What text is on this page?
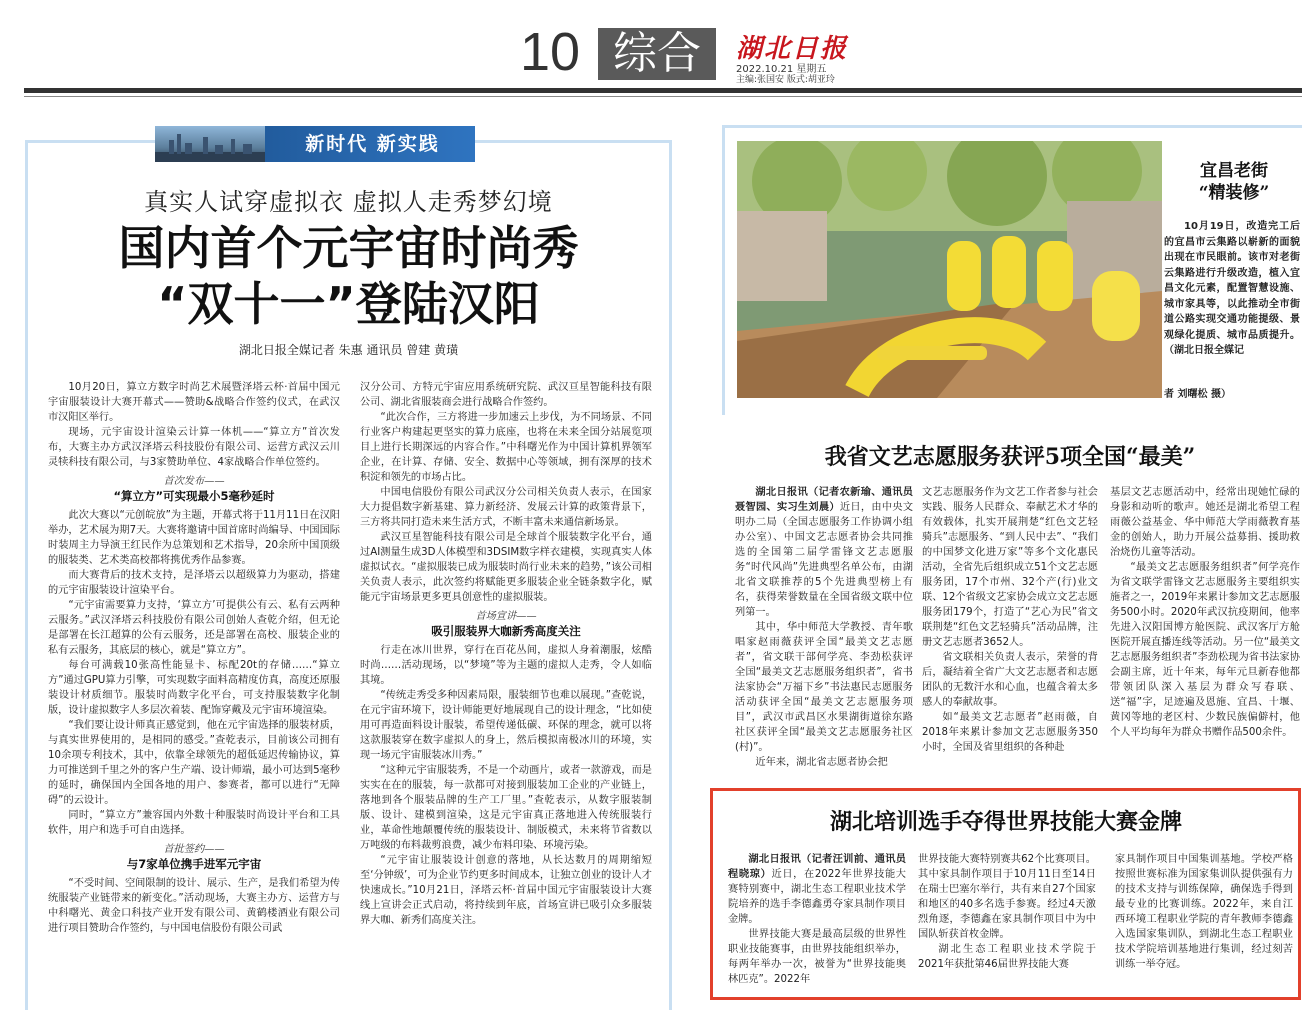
10 综合	湖北日报
2022.10.21 星期五
主编:张国安 版式:胡亚玲
新时代 新实践
真实人试穿虚拟衣 虚拟人走秀梦幻境
国内首个元宇宙时尚秀
“双十一”登陆汉阳
湖北日报全媒记者 朱惠 通讯员 曾建 黄璜

10月20日，算立方数字时尚艺术展暨泽塔云杯·首届中国元宇宙服装设计大赛开幕式——赞助&战略合作签约仪式，在武汉市汉阳区举行。

现场，元宇宙设计渲染云计算一体机——“算立方”首次发布，大赛主办方武汉泽塔云科技股份有限公司、运营方武汉云川灵犊科技有限公司，与3家赞助单位、4家战略合作单位签约。

首次发布——

“算立方”可实现最小5毫秒延时

此次大赛以“元创皖放”为主题，开幕式将于11月11日在汉阳举办，艺术展为期7天。大赛将邀请中国首席时尚编导、中国国际时装周主力导演王红民作为总策划和艺术指导，20余所中国顶级的服装类、艺术类高校都将携优秀作品参赛。

而大赛背后的技术支持，是泽塔云以超级算力为驱动，搭建的元宇宙服装设计渲染平台。

“元宇宙需要算力支持，‘算立方’可提供公有云、私有云两种云服务。”武汉泽塔云科技股份有限公司创始人查乾介绍，但无论是部署在长江超算的公有云服务，还是部署在高校、服装企业的私有云服务，其底层的核心，就是“算立方”。

每台可满载10张高性能显卡、标配20t的存储……“算立方”通过GPU算力引擎，可实现数字面料高精度仿真，高度还原服装设计材质细节。服装时尚数字化平台，可支持服装数字化制版，设计虚拟数字人多层次着装、配饰穿戴及元宇宙环境渲染。

“我们要让设计师真正感觉到，他在元宇宙选择的服装材质，与真实世界使用的，是相同的感受。”查乾表示，目前该公司拥有10余项专利技术，其中，依靠全球领先的超低延迟传输协议，算力可推送到千里之外的客户生产端、设计师端，最小可达到5毫秒的延时，确保国内全国各地的用户、参赛者，都可以进行“无障碍”的云设计。

同时，“算立方”兼容国内外数十种服装时尚设计平台和工具软件，用户和选手可自由选择。

首批签约——

与7家单位携手进军元宇宙

“不受时间、空间限制的设计、展示、生产，是我们希望为传统服装产业链带来的新变化。”活动现场，大赛主办方、运营方与中科曙光、黄金口科技产业开发有限公司、黄鹤楼酒业有限公司进行项目赞助合作签约，与中国电信股份有限公司武

汉分公司、方特元宇宙应用系统研究院、武汉亘星智能科技有限公司、湖北省服装商会进行战略合作签约。

“此次合作，三方将进一步加速云上步伐，为不同场景、不同行业客户构建起更坚实的算力底座，也将在未来全国分站展览项目上进行长期深远的内容合作。”中科曙光作为中国计算机界领军企业，在计算、存储、安全、数据中心等领域，拥有深厚的技术积淀和领先的市场占比。

中国电信股份有限公司武汉分公司相关负责人表示，在国家大力提倡数字新基建、算力新经济、发展云计算的政策背景下，三方将共同打造未来生活方式，不断丰富未来通信新场景。

武汉亘星智能科技有限公司是全球首个服装数字化平台，通过AI测量生成3D人体模型和3DSIM数字样衣建模，实现真实人体虚拟试衣。“虚拟服装已成为服装时尚行业未来的趋势，”该公司相关负责人表示，此次签约将赋能更多服装企业全链条数字化，赋能元宇宙场景更多更具创意性的虚拟服装。

首场宣讲——

吸引服装界大咖新秀高度关注

行走在冰川世界，穿行在百花丛间，虚拟人身着潮服，炫酷时尚……活动现场，以“梦境”等为主题的虚拟人走秀，令人如临其境。

“传统走秀受多种因素局限，服装细节也难以展现。”查乾说，在元宇宙环境下，设计师能更好地展现自己的设计理念，“比如使用可再造面料设计服装，希望传递低碳、环保的理念，就可以将这款服装穿在数字虚拟人的身上，然后模拟南极冰川的环境，实现一场元宇宙服装冰川秀。”

“这种元宇宙服装秀，不是一个动画片，或者一款游戏，而是实实在在的服装，每一款都可对接到服装加工企业的产业链上，落地到各个服装品牌的生产工厂里。”查乾表示，从数字服装制版、设计、建模到渲染，这是元宇宙真正落地进入传统服装行业，革命性地颠覆传统的服装设计、制版模式，未来将节省数以万吨级的布料裁剪浪费，减少布料印染、环境污染。

“元宇宙让服装设计创意的落地，从长达数月的周期缩短至‘分钟级’，可为企业节约更多时间成本，让独立创业的设计人才快速成长。”10月21日，泽塔云杯·首届中国元宇宙服装设计大赛线上宣讲会正式启动，将持续到年底，首场宣讲已吸引众多服装界大咖、新秀们高度关注。

宜昌老街
“精装修”

10月19日，改造完工后的宜昌市云集路以崭新的面貌出现在市民眼前。该市对老街云集路进行升级改造，植入宜昌文化元素，配置智慧设施、城市家具等，以此推动全市街道公路实现交通功能提级、景观绿化提质、城市品质提升。（湖北日报全媒记

者 刘曙松 摄）
我省文艺志愿服务获评5项全国“最美”

湖北日报讯（记者农新瑜、通讯员聂智园、实习生刘晨）近日，由中央文明办二局（全国志愿服务工作协调小组办公室）、中国文艺志愿者协会共同推选的全国第二届学雷锋文艺志愿服务“时代风尚”先进典型名单公布，由湖北省文联推荐的5个先进典型榜上有名，获得荣誉数量在全国省级文联中位列第一。

其中，华中师范大学教授、青年歌唱家赵雨薇获评全国“最美文艺志愿者”，省文联干部何学亮、李劲松获评全国“最美文艺志愿服务组织者”，省书法家协会“万福下乡”书法惠民志愿服务活动获评全国“最美文艺志愿服务项目”，武汉市武昌区水果湖街道徐东路社区获评全国“最美文艺志愿服务社区(村)”。

近年来，湖北省志愿者协会把

文艺志愿服务作为文艺工作者参与社会实践、服务人民群众、奉献艺术才华的有效载体，扎实开展荆楚“红色文艺轻骑兵”志愿服务、“到人民中去”、“我们的中国梦文化进万家”等多个文化惠民活动，全省先后组织成立51个文艺志愿服务团，17个市州、32个产(行)业文联、12个省级文艺家协会成立文艺志愿服务团179个，打造了“艺心为民”省文联荆楚“红色文艺轻骑兵”活动品牌，注册文艺志愿者3652人。

省文联相关负责人表示，荣誉的背后，凝结着全省广大文艺志愿者和志愿团队的无数汗水和心血，也蕴含着太多感人的奉献故事。

如“最美文艺志愿者”赵雨薇，自2018年来累计参加文艺志愿服务350小时，全国及省里组织的各种赴

基层文艺志愿活动中，经常出现她忙碌的身影和动听的歌声。她还是湖北希望工程雨薇公益基金、华中师范大学雨薇教育基金的创始人，助力开展公益募捐、援助救治烧伤儿童等活动。

“最美文艺志愿服务组织者”何学亮作为省文联学雷锋文艺志愿服务主要组织实施者之一，2019年来累计参加文艺志愿服务500小时。2020年武汉抗疫期间，他率先进入汉阳国博方舱医院、武汉客厅方舱医院开展直播连线等活动。另一位“最美文艺志愿服务组织者”李劲松现为省书法家协会副主席，近十年来，每年元旦新春他都带领团队深入基层为群众写春联、送“福”字，足迹遍及恩施、宜昌、十堰、黄冈等地的老区村、少数民族偏僻村，他个人平均每年为群众书赠作品500余件。

湖北培训选手夺得世界技能大赛金牌

湖北日报讯（记者汪训前、通讯员程晓琼）近日，在2022年世界技能大赛特别赛中，湖北生态工程职业技术学院培养的选手李德鑫勇夺家具制作项目金牌。

世界技能大赛是最高层级的世界性职业技能赛事，由世界技能组织举办，每两年举办一次，被誉为“世界技能奥林匹克”。2022年

世界技能大赛特别赛共62个比赛项目。其中家具制作项目于10月11日至14日在瑞士巴塞尔举行，共有来自27个国家和地区的40多名选手参赛。经过4天激烈角逐，李德鑫在家具制作项目中为中国队斩获首枚金牌。

湖北生态工程职业技术学院于2021年获批第46届世界技能大赛

家具制作项目中国集训基地。学校严格按照世赛标准为国家集训队提供强有力的技术支持与训练保障，确保选手得到最专业的比赛训练。2022年，来自江西环境工程职业学院的青年教师李德鑫入选国家集训队，到湖北生态工程职业技术学院培训基地进行集训，经过刻苦训练一举夺冠。
